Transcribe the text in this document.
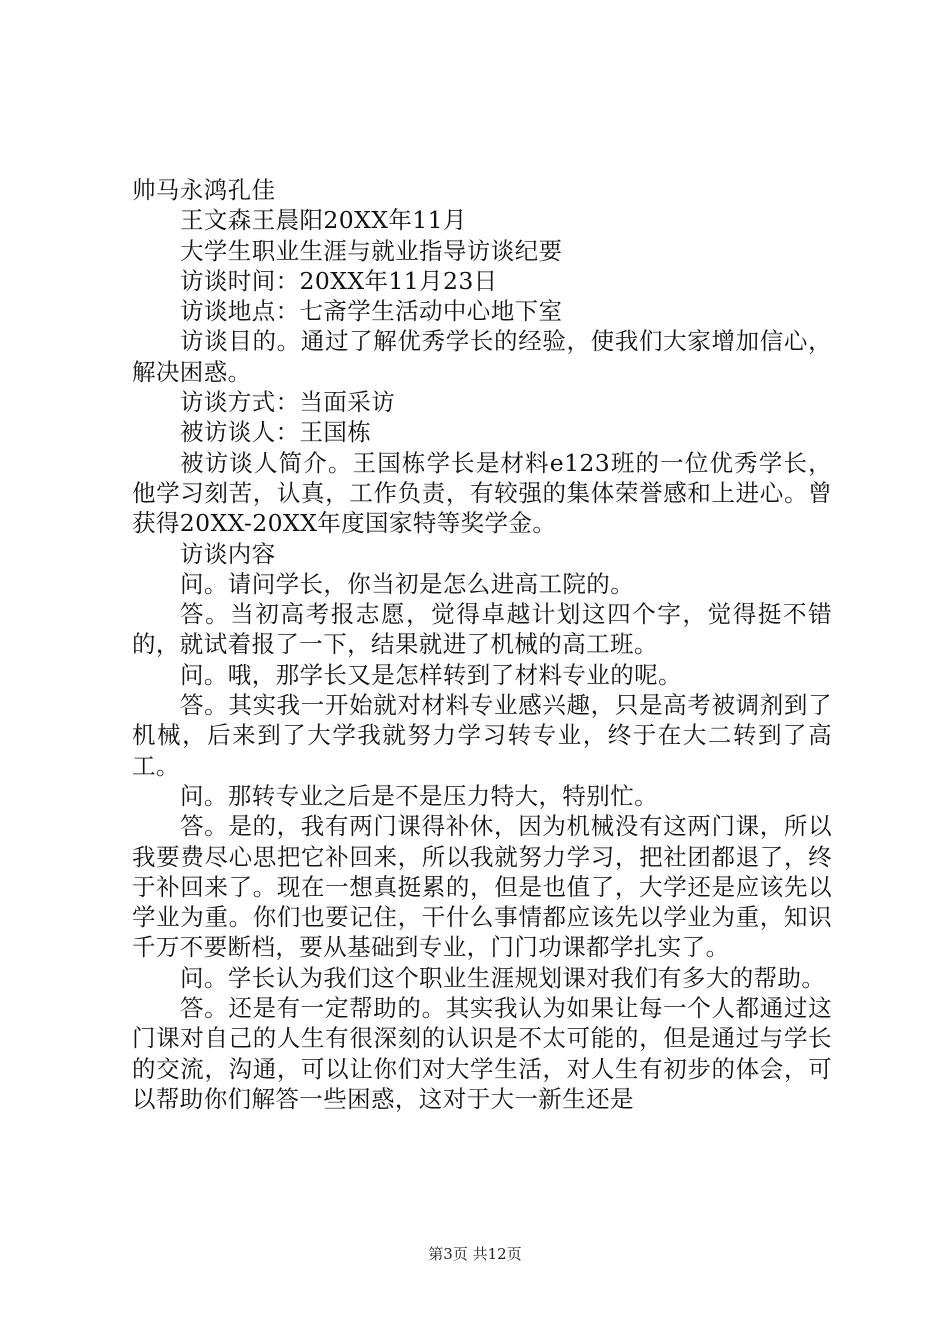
帅马永鸿孔佳

王文森王晨阳20XX年11月

大学生职业生涯与就业指导访谈纪要

访谈时间：20XX年11月23日

访谈地点：七斋学生活动中心地下室

访谈目的。通过了解优秀学长的经验，使我们大家增加信心，解决困惑。

访谈方式：当面采访

被访谈人：王国栋

被访谈人简介。王国栋学长是材料e123班的一位优秀学长，他学习刻苦，认真，工作负责，有较强的集体荣誉感和上进心。曾获得20XX-20XX年度国家特等奖学金。

访谈内容

问。请问学长，你当初是怎么进高工院的。

答。当初高考报志愿，觉得卓越计划这四个字，觉得挺不错的，就试着报了一下，结果就进了机械的高工班。

问。哦，那学长又是怎样转到了材料专业的呢。

答。其实我一开始就对材料专业感兴趣，只是高考被调剂到了机械，后来到了大学我就努力学习转专业，终于在大二转到了高工。

问。那转专业之后是不是压力特大，特别忙。

答。是的，我有两门课得补休，因为机械没有这两门课，所以我要费尽心思把它补回来，所以我就努力学习，把社团都退了，终于补回来了。现在一想真挺累的，但是也值了，大学还是应该先以学业为重。你们也要记住，干什么事情都应该先以学业为重，知识千万不要断档，要从基础到专业，门门功课都学扎实了。

问。学长认为我们这个职业生涯规划课对我们有多大的帮助。

答。还是有一定帮助的。其实我认为如果让每一个人都通过这门课对自己的人生有很深刻的认识是不太可能的，但是通过与学长的交流，沟通，可以让你们对大学生活，对人生有初步的体会，可以帮助你们解答一些困惑，这对于大一新生还是

第3页 共12页
